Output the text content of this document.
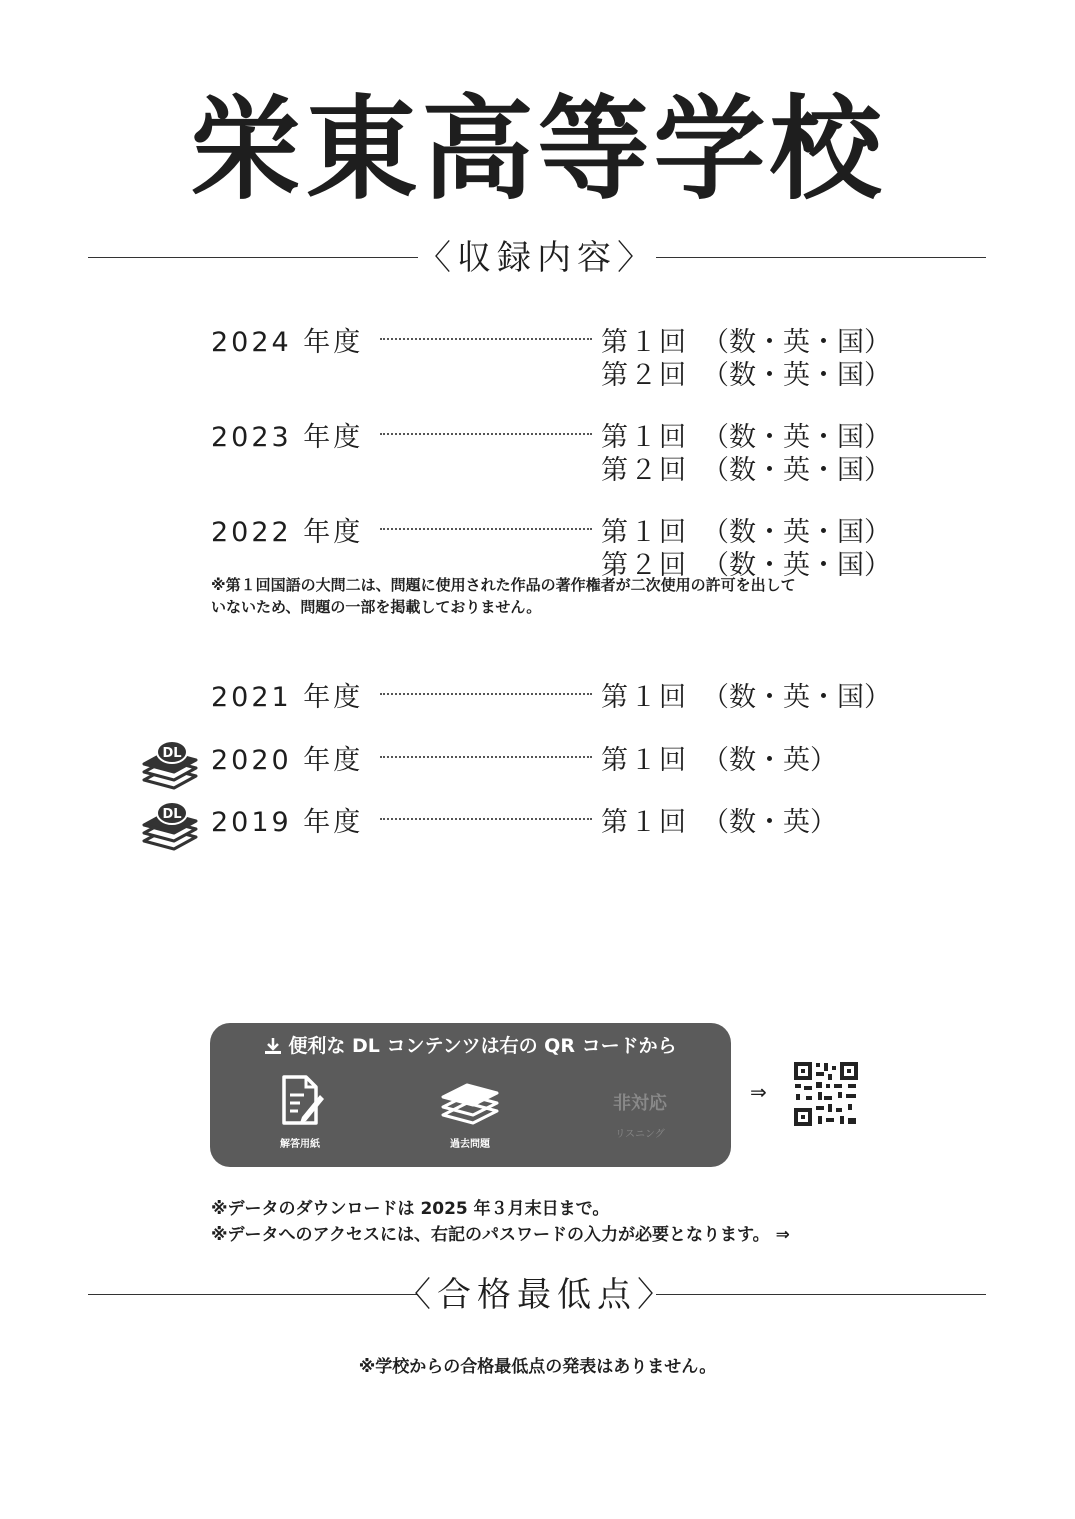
栄東高等学校
〈収録内容〉
2024 年度	第１回 （数・英・国）
第２回 （数・英・国）
2023 年度	第１回 （数・英・国）
第２回 （数・英・国）
2022 年度	第１回 （数・英・国）
第２回 （数・英・国）
※第１回国語の大問二は、問題に使用された作品の著作権者が二次使用の許可を出して
いないため、問題の一部を掲載しておりません。
2021 年度	第１回 （数・英・国）
DL 2020 年度	第１回 （数・英）
DL 2019 年度	第１回 （数・英）
便利な DL コンテンツは右の QR コードから
解答用紙	過去問題
非対応
リスニング
⇒
※データのダウンロードは 2025 年３月末日まで。
※データへのアクセスには、右記のパスワードの入力が必要となります。 ⇒
〈合格最低点〉
※学校からの合格最低点の発表はありません。
